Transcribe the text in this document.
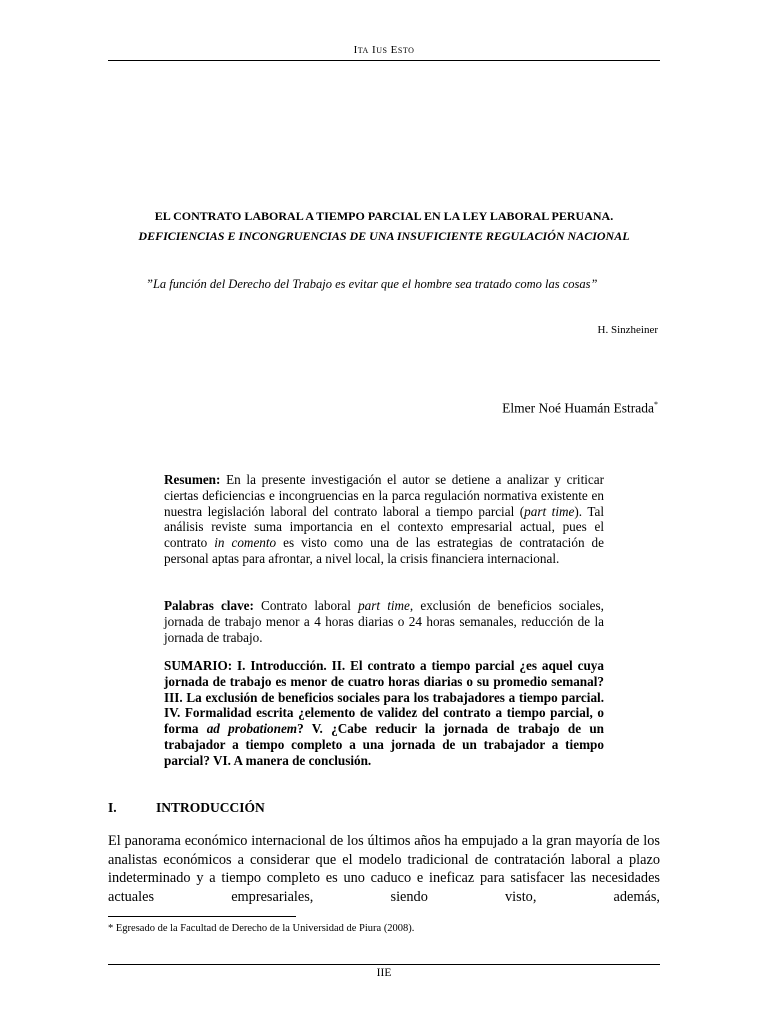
Ita Ius Esto
EL CONTRATO LABORAL A TIEMPO PARCIAL EN LA LEY LABORAL PERUANA.
DEFICIENCIAS E INCONGRUENCIAS DE UNA INSUFICIENTE REGULACIÓN NACIONAL
”La función del Derecho del Trabajo es evitar que el hombre sea tratado como las cosas”
H. Sinzheiner
Elmer Noé Huamán Estrada*
Resumen: En la presente investigación el autor se detiene a analizar y criticar ciertas deficiencias e incongruencias en la parca regulación normativa existente en nuestra legislación laboral del contrato laboral a tiempo parcial (part time). Tal análisis reviste suma importancia en el contexto empresarial actual, pues el contrato in comento es visto como una de las estrategias de contratación de personal aptas para afrontar, a nivel local, la crisis financiera internacional.
Palabras clave: Contrato laboral part time, exclusión de beneficios sociales, jornada de trabajo menor a 4 horas diarias o 24 horas semanales, reducción de la jornada de trabajo.
SUMARIO: I. Introducción. II. El contrato a tiempo parcial ¿es aquel cuya jornada de trabajo es menor de cuatro horas diarias o su promedio semanal? III. La exclusión de beneficios sociales para los trabajadores a tiempo parcial. IV. Formalidad escrita ¿elemento de validez del contrato a tiempo parcial, o forma ad probationem? V. ¿Cabe reducir la jornada de trabajo de un trabajador a tiempo completo a una jornada de un trabajador a tiempo parcial? VI. A manera de conclusión.
I.	INTRODUCCIÓN
El panorama económico internacional de los últimos años ha empujado a la gran mayoría de los analistas económicos a considerar que el modelo tradicional de contratación laboral a plazo indeterminado y a tiempo completo es uno caduco e ineficaz para satisfacer las necesidades actuales empresariales, siendo visto, además,
* Egresado de la Facultad de Derecho de la Universidad de Piura (2008).
IIE
